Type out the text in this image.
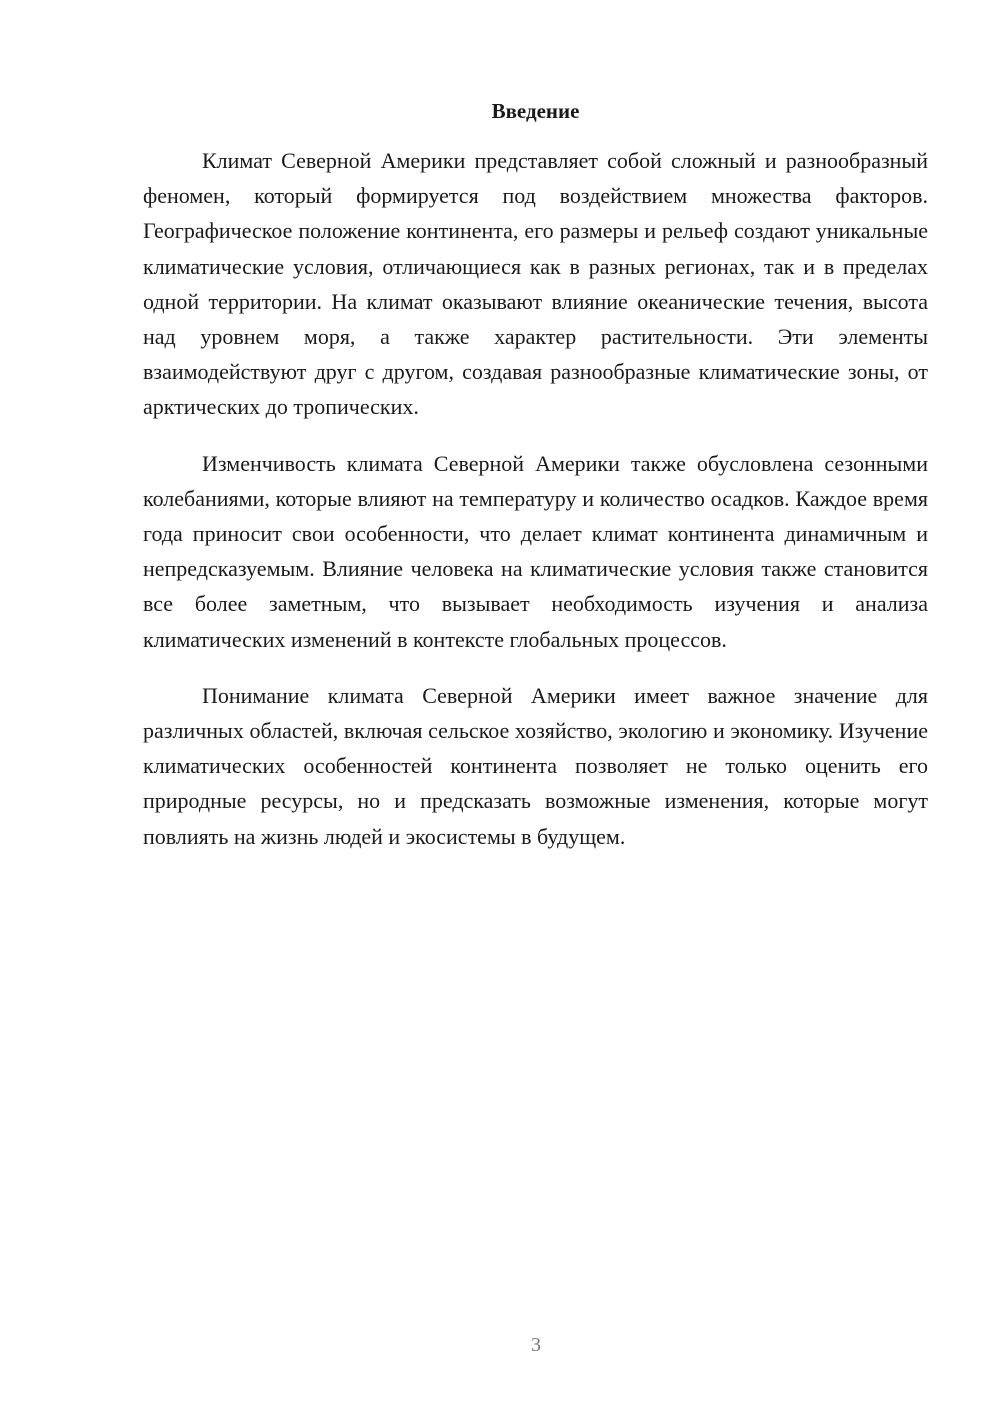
Введение

Климат Северной Америки представляет собой сложный и разнообразный феномен, который формируется под воздействием множества факторов. Географическое положение континента, его размеры и рельеф создают уникальные климатические условия, отличающиеся как в разных регионах, так и в пределах одной территории. На климат оказывают влияние океанические течения, высота над уровнем моря, а также характер растительности. Эти элементы взаимодействуют друг с другом, создавая разнообразные климатические зоны, от арктических до тропических.

Изменчивость климата Северной Америки также обусловлена сезонными колебаниями, которые влияют на температуру и количество осадков. Каждое время года приносит свои особенности, что делает климат континента динамичным и непредсказуемым. Влияние человека на климатические условия также становится все более заметным, что вызывает необходимость изучения и анализа климатических изменений в контексте глобальных процессов.

Понимание климата Северной Америки имеет важное значение для различных областей, включая сельское хозяйство, экологию и экономику. Изучение климатических особенностей континента позволяет не только оценить его природные ресурсы, но и предсказать возможные изменения, которые могут повлиять на жизнь людей и экосистемы в будущем.

3
